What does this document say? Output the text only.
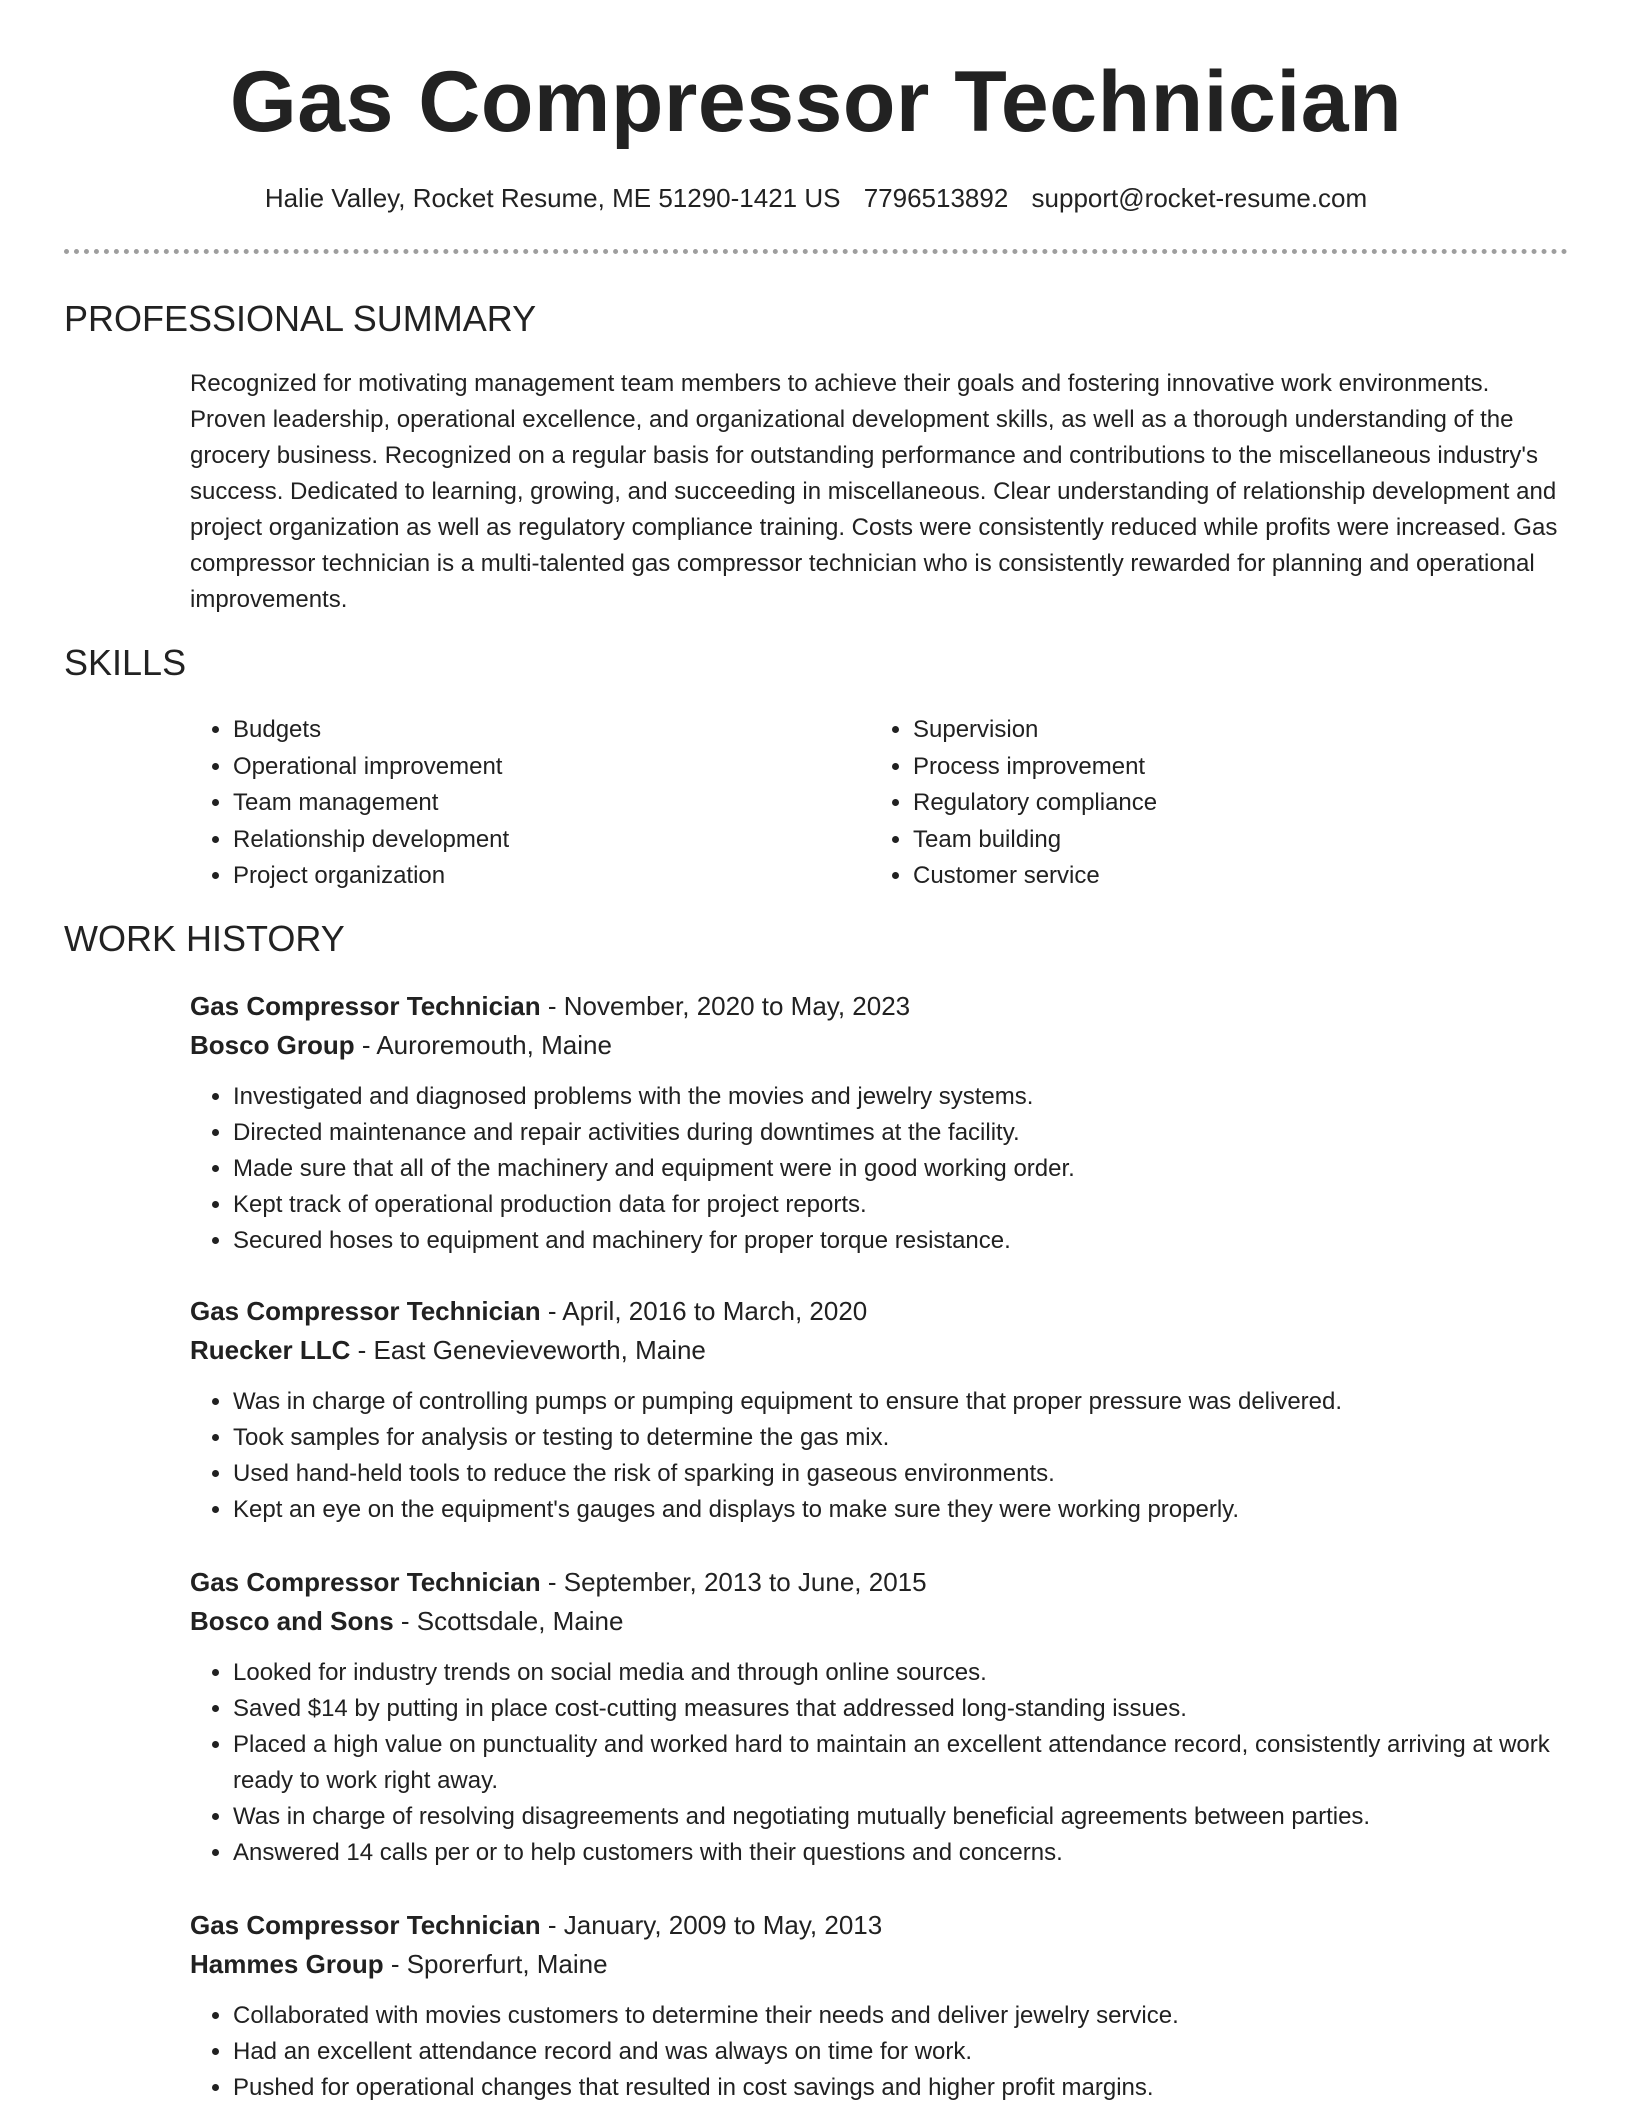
Gas Compressor Technician
Halie Valley, Rocket Resume, ME 51290-1421 US 7796513892 support@rocket-resume.com
PROFESSIONAL SUMMARY

Recognized for motivating management team members to achieve their goals and fostering innovative work environments. Proven leadership, operational excellence, and organizational development skills, as well as a thorough understanding of the grocery business. Recognized on a regular basis for outstanding performance and contributions to the miscellaneous industry's success. Dedicated to learning, growing, and succeeding in miscellaneous. Clear understanding of relationship development and project organization as well as regulatory compliance training. Costs were consistently reduced while profits were increased. Gas compressor technician is a multi-talented gas compressor technician who is consistently rewarded for planning and operational improvements.

SKILLS
• Budgets
• Operational improvement
• Team management
• Relationship development
• Project organization
• Supervision
• Process improvement
• Regulatory compliance
• Team building
• Customer service
WORK HISTORY
Gas Compressor Technician - November, 2020 to May, 2023
Bosco Group - Auroremouth, Maine
• Investigated and diagnosed problems with the movies and jewelry systems.
• Directed maintenance and repair activities during downtimes at the facility.
• Made sure that all of the machinery and equipment were in good working order.
• Kept track of operational production data for project reports.
• Secured hoses to equipment and machinery for proper torque resistance.
Gas Compressor Technician - April, 2016 to March, 2020
Ruecker LLC - East Genevieveworth, Maine
• Was in charge of controlling pumps or pumping equipment to ensure that proper pressure was delivered.
• Took samples for analysis or testing to determine the gas mix.
• Used hand-held tools to reduce the risk of sparking in gaseous environments.
• Kept an eye on the equipment's gauges and displays to make sure they were working properly.
Gas Compressor Technician - September, 2013 to June, 2015
Bosco and Sons - Scottsdale, Maine
• Looked for industry trends on social media and through online sources.
• Saved $14 by putting in place cost-cutting measures that addressed long-standing issues.
• Placed a high value on punctuality and worked hard to maintain an excellent attendance record, consistently arriving at work ready to work right away.
• Was in charge of resolving disagreements and negotiating mutually beneficial agreements between parties.
• Answered 14 calls per or to help customers with their questions and concerns.
Gas Compressor Technician - January, 2009 to May, 2013
Hammes Group - Sporerfurt, Maine
• Collaborated with movies customers to determine their needs and deliver jewelry service.
• Had an excellent attendance record and was always on time for work.
• Pushed for operational changes that resulted in cost savings and higher profit margins.
